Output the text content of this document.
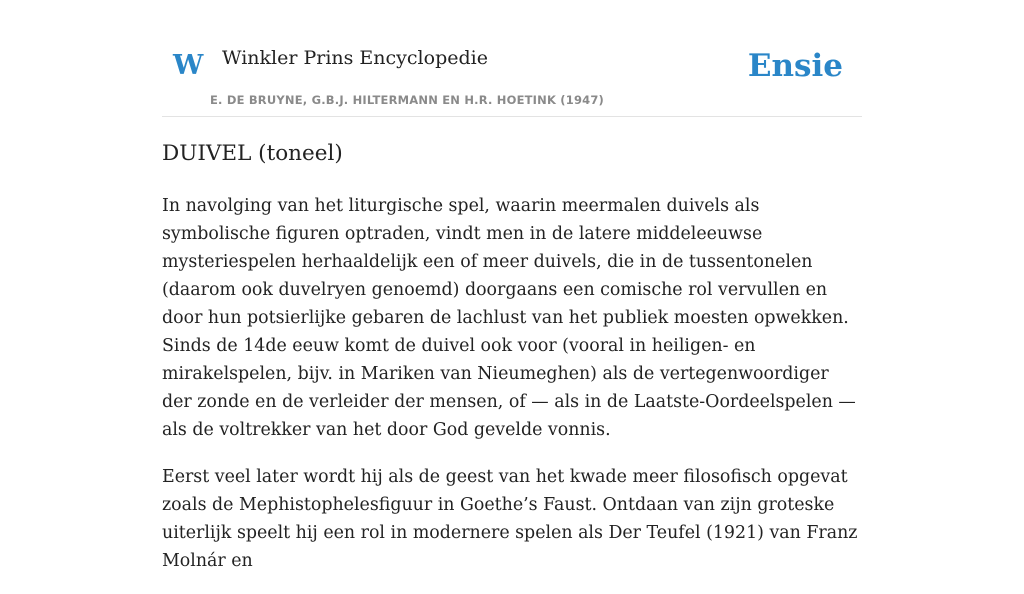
W Winkler Prins Encyclopedie
E. DE BRUYNE, G.B.J. HILTERMANN EN H.R. HOETINK (1947)
Ensie
DUIVEL (toneel)

In navolging van het liturgische spel, waarin meermalen duivels als symbolische figuren optraden, vindt men in de latere middeleeuwse mysteriespelen herhaaldelijk een of meer duivels, die in de tussentonelen (daarom ook duvelryen genoemd) doorgaans een comische rol vervullen en door hun potsierlijke gebaren de lachlust van het publiek moesten opwekken. Sinds de 14de eeuw komt de duivel ook voor (vooral in heiligen- en mirakelspelen, bijv. in Mariken van Nieumeghen) als de vertegenwoordiger der zonde en de verleider der mensen, of — als in de Laatste-Oordeelspelen — als de voltrekker van het door God gevelde vonnis.

Eerst veel later wordt hij als de geest van het kwade meer filosofisch opgevat zoals de Mephistophelesfiguur in Goethe’s Faust. Ontdaan van zijn groteske uiterlijk speelt hij een rol in modernere spelen als Der Teufel (1921) van Franz Molnár en
